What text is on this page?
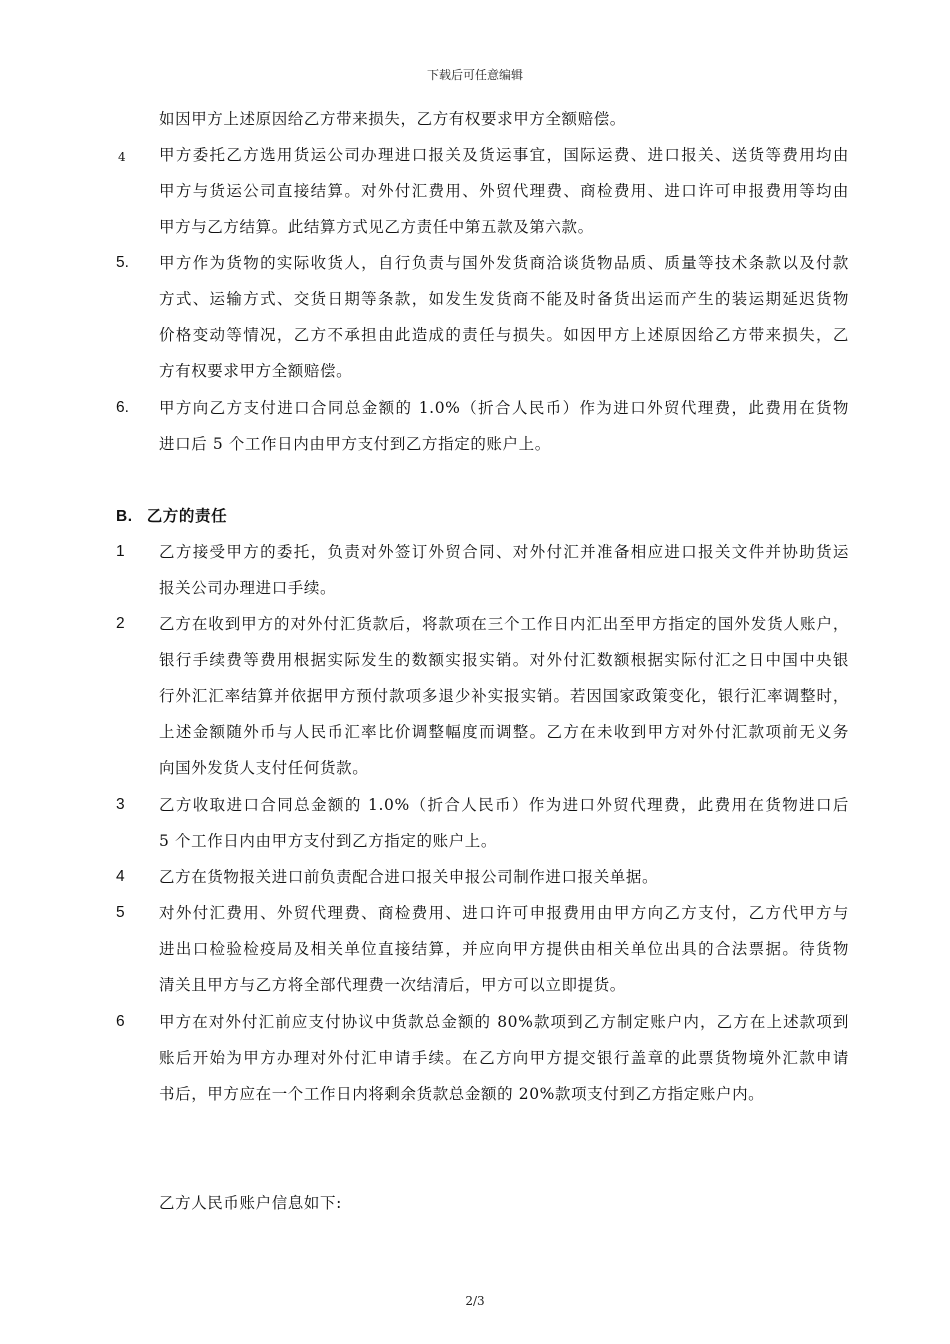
下载后可任意编辑
如因甲方上述原因给乙方带来损失，乙方有权要求甲方全额赔偿。
4 甲方委托乙方选用货运公司办理进口报关及货运事宜，国际运费、进口报关、送货等费用均由
甲方与货运公司直接结算。对外付汇费用、外贸代理费、商检费用、进口许可申报费用等均由
甲方与乙方结算。此结算方式见乙方责任中第五款及第六款。
5. 甲方作为货物的实际收货人，自行负责与国外发货商洽谈货物品质、质量等技术条款以及付款
方式、运输方式、交货日期等条款，如发生发货商不能及时备货出运而产生的装运期延迟货物
价格变动等情况，乙方不承担由此造成的责任与损失。如因甲方上述原因给乙方带来损失，乙
方有权要求甲方全额赔偿。
6. 甲方向乙方支付进口合同总金额的 1.0%（折合人民币）作为进口外贸代理费，此费用在货物
进口后 5 个工作日内由甲方支付到乙方指定的账户上。
B. 乙方的责任
1 乙方接受甲方的委托，负责对外签订外贸合同、对外付汇并准备相应进口报关文件并协助货运
报关公司办理进口手续。
2 乙方在收到甲方的对外付汇货款后，将款项在三个工作日内汇出至甲方指定的国外发货人账户，
银行手续费等费用根据实际发生的数额实报实销。对外付汇数额根据实际付汇之日中国中央银
行外汇汇率结算并依据甲方预付款项多退少补实报实销。若因国家政策变化，银行汇率调整时，
上述金额随外币与人民币汇率比价调整幅度而调整。乙方在未收到甲方对外付汇款项前无义务
向国外发货人支付任何货款。
3 乙方收取进口合同总金额的 1.0%（折合人民币）作为进口外贸代理费，此费用在货物进口后
5 个工作日内由甲方支付到乙方指定的账户上。
4 乙方在货物报关进口前负责配合进口报关申报公司制作进口报关单据。
5 对外付汇费用、外贸代理费、商检费用、进口许可申报费用由甲方向乙方支付，乙方代甲方与
进出口检验检疫局及相关单位直接结算，并应向甲方提供由相关单位出具的合法票据。待货物
清关且甲方与乙方将全部代理费一次结清后，甲方可以立即提货。
6 甲方在对外付汇前应支付协议中货款总金额的 80%款项到乙方制定账户内，乙方在上述款项到
账后开始为甲方办理对外付汇申请手续。在乙方向甲方提交银行盖章的此票货物境外汇款申请
书后，甲方应在一个工作日内将剩余货款总金额的 20%款项支付到乙方指定账户内。
乙方人民币账户信息如下:
2/3
